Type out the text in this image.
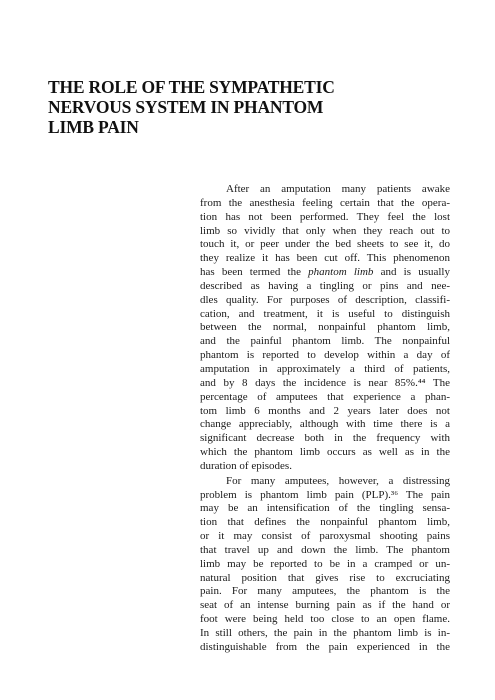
THE ROLE OF THE SYMPATHETIC
NERVOUS SYSTEM IN PHANTOM
LIMB PAIN
After an amputation many patients awake
from the anesthesia feeling certain that the opera-
tion has not been performed. They feel the lost
limb so vividly that only when they reach out to
touch it, or peer under the bed sheets to see it, do
they realize it has been cut off. This phenomenon
has been termed the phantom limb and is usually
described as having a tingling or pins and nee-
dles quality. For purposes of description, classifi-
cation, and treatment, it is useful to distinguish
between the normal, nonpainful phantom limb,
and the painful phantom limb. The nonpainful
phantom is reported to develop within a day of
amputation in approximately a third of patients,
and by 8 days the incidence is near 85%.⁴⁴ The
percentage of amputees that experience a phan-
tom limb 6 months and 2 years later does not
change appreciably, although with time there is a
significant decrease both in the frequency with
which the phantom limb occurs as well as in the
duration of episodes.
For many amputees, however, a distressing
problem is phantom limb pain (PLP).³⁶ The pain
may be an intensification of the tingling sensa-
tion that defines the nonpainful phantom limb,
or it may consist of paroxysmal shooting pains
that travel up and down the limb. The phantom
limb may be reported to be in a cramped or un-
natural position that gives rise to excruciating
pain. For many amputees, the phantom is the
seat of an intense burning pain as if the hand or
foot were being held too close to an open flame.
In still others, the pain in the phantom limb is in-
distinguishable from the pain experienced in the
